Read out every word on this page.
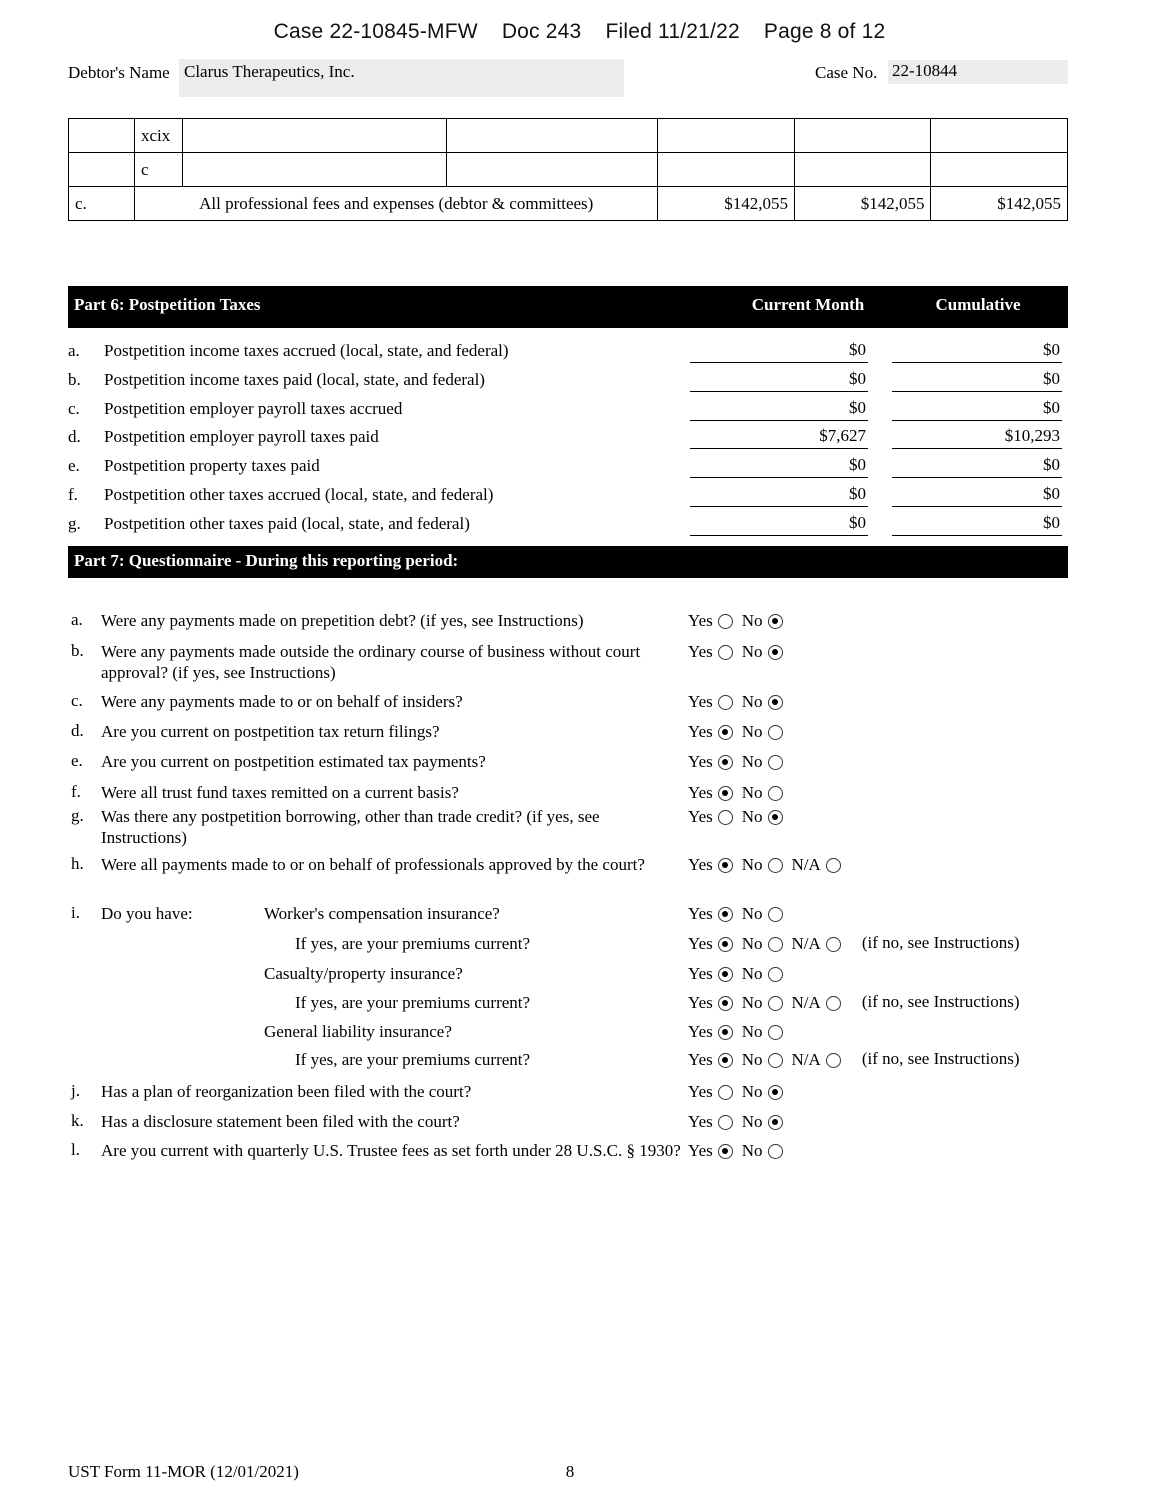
Case 22-10845-MFW Doc 243 Filed 11/21/22 Page 8 of 12
Debtor's Name Clarus Therapeutics, Inc.	Case No. 22-10844
	xcix					
	c					
c.	All professional fees and expenses (debtor & committees)			$142,055	$142,055	$142,055
Part 6: Postpetition Taxes	Current Month	Cumulative
a.	Postpetition income taxes accrued (local, state, and federal)	$0	$0
b.	Postpetition income taxes paid (local, state, and federal)	$0	$0
c.	Postpetition employer payroll taxes accrued	$0	$0
d.	Postpetition employer payroll taxes paid	$7,627	$10,293
e.	Postpetition property taxes paid	$0	$0
f.	Postpetition other taxes accrued (local, state, and federal)	$0	$0
g.	Postpetition other taxes paid (local, state, and federal)	$0	$0
Part 7: Questionnaire - During this reporting period:
a.	Were any payments made on prepetition debt? (if yes, see Instructions)	Yes No
b.	Were any payments made outside the ordinary course of business without court approval? (if yes, see Instructions)
Yes No
c.	Were any payments made to or on behalf of insiders?	Yes No
d.	Are you current on postpetition tax return filings?	Yes No
e.	Are you current on postpetition estimated tax payments?	Yes No
f.	Were all trust fund taxes remitted on a current basis?	Yes No
g.	Was there any postpetition borrowing, other than trade credit? (if yes, see Instructions)
Yes No
h.	Were all payments made to or on behalf of professionals approved by the court?	Yes No N/A
i.	Do you have:	Worker's compensation insurance?	Yes No
If yes, are your premiums current?	Yes No N/A (if no, see Instructions)
Casualty/property insurance?	Yes No
If yes, are your premiums current?	Yes No N/A (if no, see Instructions)
General liability insurance?	Yes No
If yes, are your premiums current?	Yes No N/A (if no, see Instructions)
j.	Has a plan of reorganization been filed with the court?	Yes No
k.	Has a disclosure statement been filed with the court?	Yes No
l.	Are you current with quarterly U.S. Trustee fees as set forth under 28 U.S.C. § 1930? Yes No
UST Form 11-MOR (12/01/2021)	8
